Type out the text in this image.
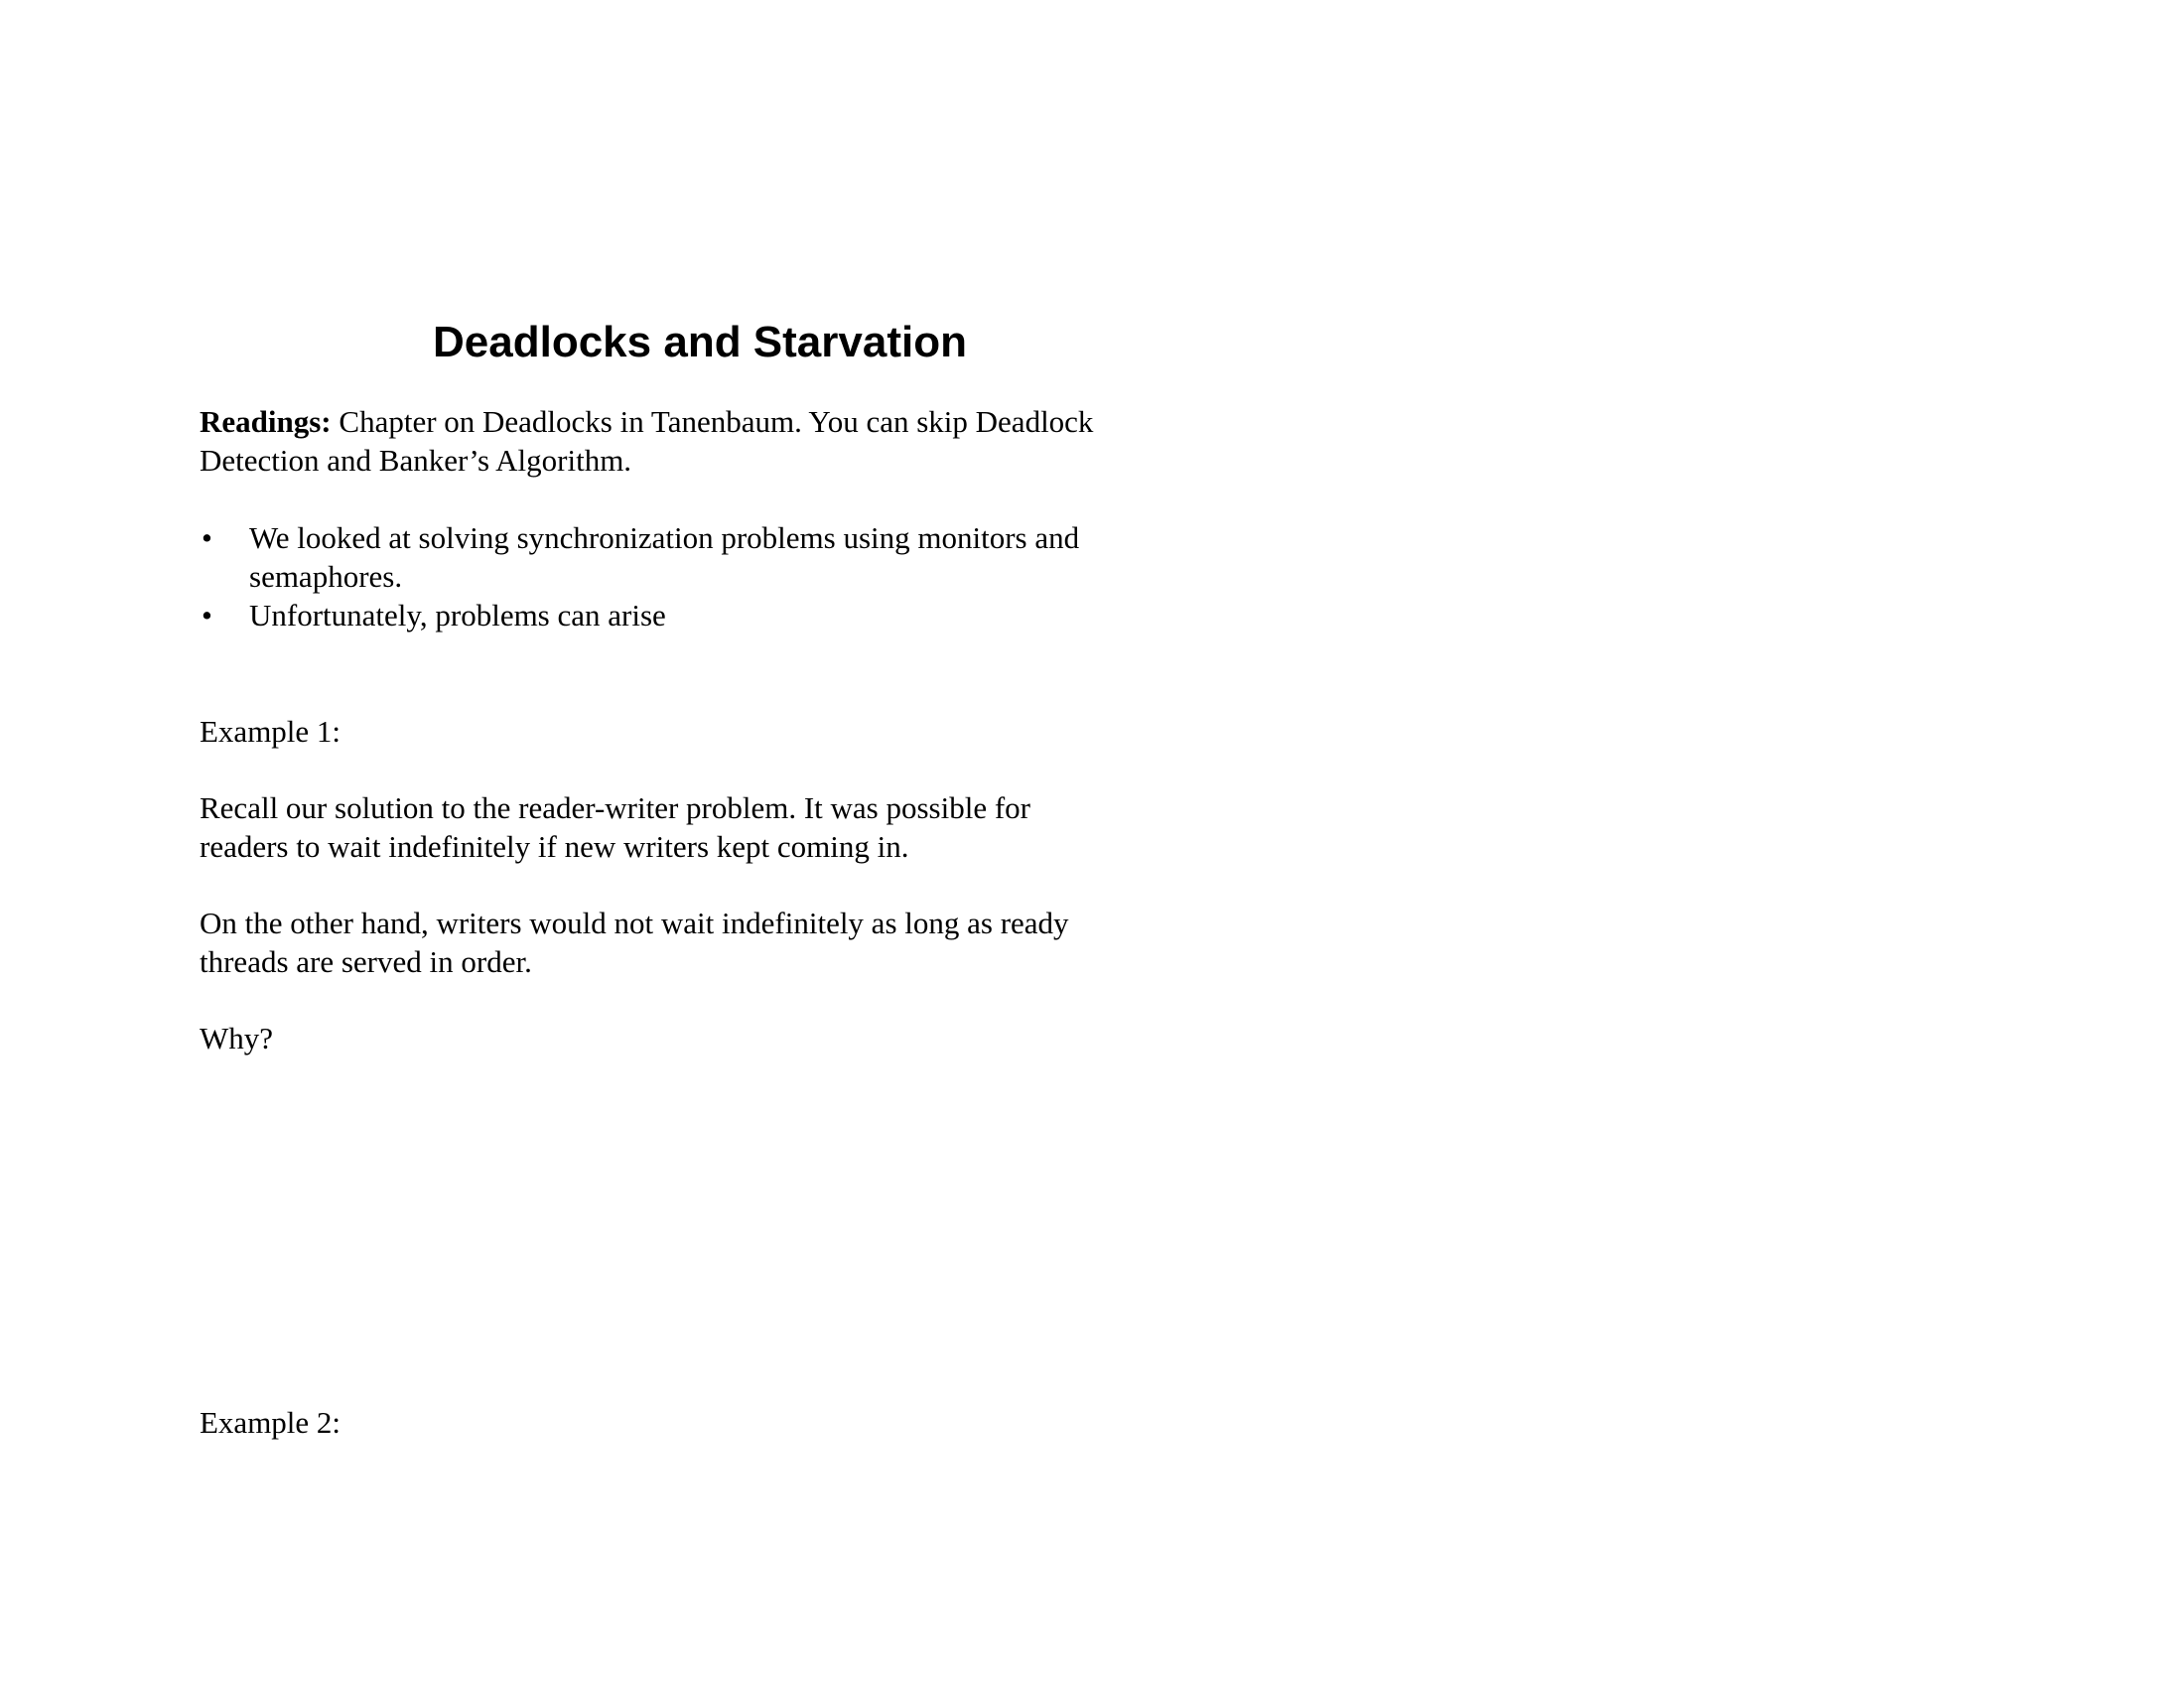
Deadlocks and Starvation

Readings: Chapter on Deadlocks in Tanenbaum. You can skip Deadlock
Detection and Banker’s Algorithm.

• We looked at solving synchronization problems using monitors and
semaphores.
• Unfortunately, problems can arise

Example 1:

Recall our solution to the reader-writer problem. It was possible for
readers to wait indefinitely if new writers kept coming in.

On the other hand, writers would not wait indefinitely as long as ready
threads are served in order.

Why?

Example 2:
